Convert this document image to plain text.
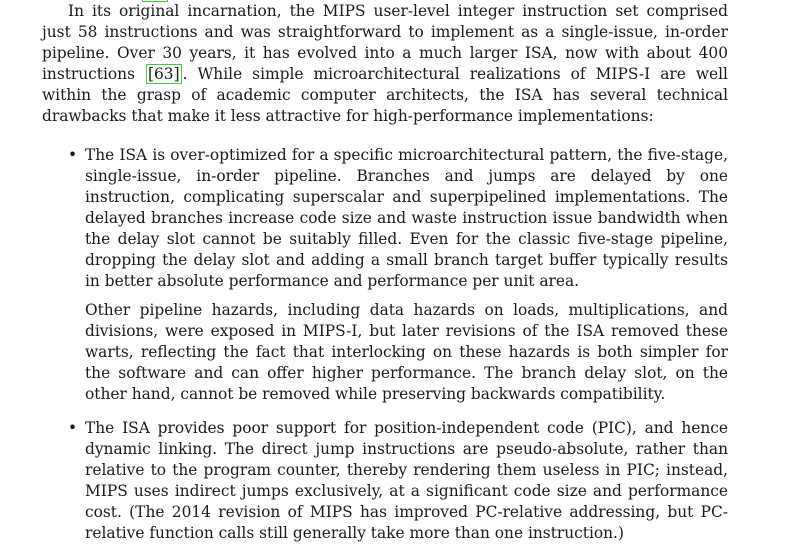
In its original incarnation, the MIPS user-level integer instruction set comprised just 58 instructions and was straightforward to implement as a single-issue, in-order pipeline. Over 30 years, it has evolved into a much larger ISA, now with about 400 instructions [63] . While simple microarchitectural realizations of MIPS-I are well within the grasp of academic computer architects, the ISA has several technical drawbacks that make it less attractive for high-performance implementations:

• The ISA is over-optimized for a specific microarchitectural pattern, the five-stage, single-issue, in-order pipeline. Branches and jumps are delayed by one instruction, complicating superscalar and superpipelined implementations. The delayed branches increase code size and waste instruction issue bandwidth when the delay slot cannot be suitably filled. Even for the classic five-stage pipeline, dropping the delay slot and adding a small branch target buffer typically results in better absolute performance and performance per unit area.

Other pipeline hazards, including data hazards on loads, multiplications, and divisions, were exposed in MIPS-I, but later revisions of the ISA removed these warts, reflecting the fact that interlocking on these hazards is both simpler for the software and can offer higher performance. The branch delay slot, on the other hand, cannot be removed while preserving backwards compatibility.

• The ISA provides poor support for position-independent code (PIC), and hence dynamic linking. The direct jump instructions are pseudo-absolute, rather than relative to the program counter, thereby rendering them useless in PIC; instead, MIPS uses indirect jumps exclusively, at a significant code size and performance cost. (The 2014 revision of MIPS has improved PC-relative addressing, but PC-relative function calls still generally take more than one instruction.)
